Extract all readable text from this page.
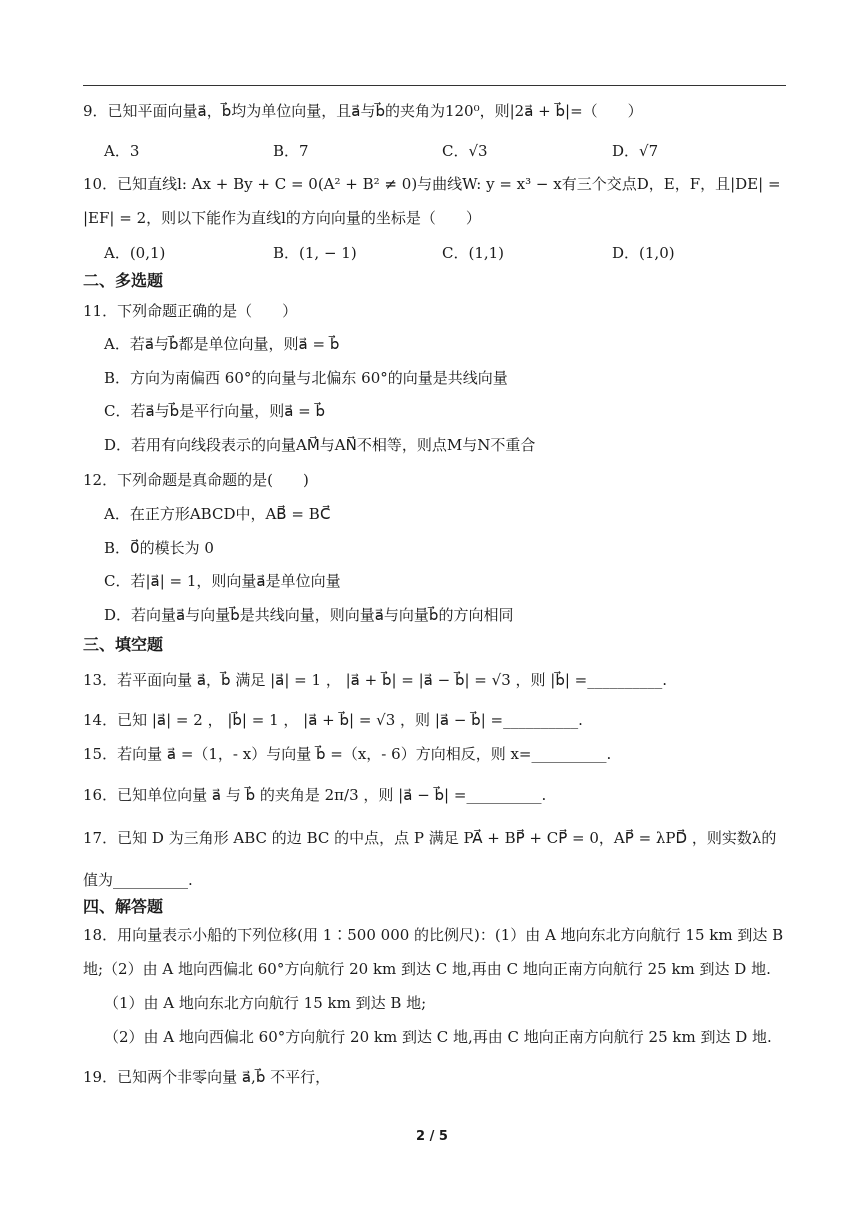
9．已知平面向量a⃗，b⃗均为单位向量，且a⃗与b⃗的夹角为120⁰，则|2a⃗ + b⃗|=（　　）
A．3	B．7	C．√3	D．√7
10．已知直线l: Ax + By + C = 0(A² + B² ≠ 0)与曲线W: y = x³ − x有三个交点D，E，F，且|DE| =
|EF| = 2，则以下能作为直线l的方向向量的坐标是（　　）
A．(0,1)	B．(1, − 1)	C．(1,1)	D．(1,0)
二、多选题
11．下列命题正确的是（　　）
A．若a⃗与b⃗都是单位向量，则a⃗ = b⃗
B．方向为南偏西 60°的向量与北偏东 60°的向量是共线向量
C．若a⃗与b⃗是平行向量，则a⃗ = b⃗
D．若用有向线段表示的向量AM⃗与AN⃗不相等，则点M与N不重合
12．下列命题是真命题的是(　　)
A．在正方形ABCD中，AB⃗ = BC⃗
B．0⃗的模长为 0
C．若|a⃗| = 1，则向量a⃗是单位向量
D．若向量a⃗与向量b⃗是共线向量，则向量a⃗与向量b⃗的方向相同
三、填空题
13．若平面向量 a⃗，b⃗ 满足 |a⃗| = 1 ， |a⃗ + b⃗| = |a⃗ − b⃗| = √3 ，则 |b⃗| =__________.
14．已知 |a⃗| = 2 ， |b⃗| = 1 ， |a⃗ + b⃗| = √3 ，则 |a⃗ − b⃗| =__________.
15．若向量 a⃗ =（1，- x）与向量 b⃗ =（x，- 6）方向相反，则 x=__________.
16．已知单位向量 a⃗ 与 b⃗ 的夹角是 2π/3 ，则 |a⃗ − b⃗| =__________.
17．已知 D 为三角形 ABC 的边 BC 的中点，点 P 满足 PA⃗ + BP⃗ + CP⃗ = 0，AP⃗ = λPD⃗ ，则实数λ的
值为__________.
四、解答题
18．用向量表示小船的下列位移(用 1∶500 000 的比例尺)：(1）由 A 地向东北方向航行 15 km 到达 B
地;（2）由 A 地向西偏北 60°方向航行 20 km 到达 C 地,再由 C 地向正南方向航行 25 km 到达 D 地.
（1）由 A 地向东北方向航行 15 km 到达 B 地;
（2）由 A 地向西偏北 60°方向航行 20 km 到达 C 地,再由 C 地向正南方向航行 25 km 到达 D 地.
19．已知两个非零向量 a⃗,b⃗ 不平行，
2 / 5
